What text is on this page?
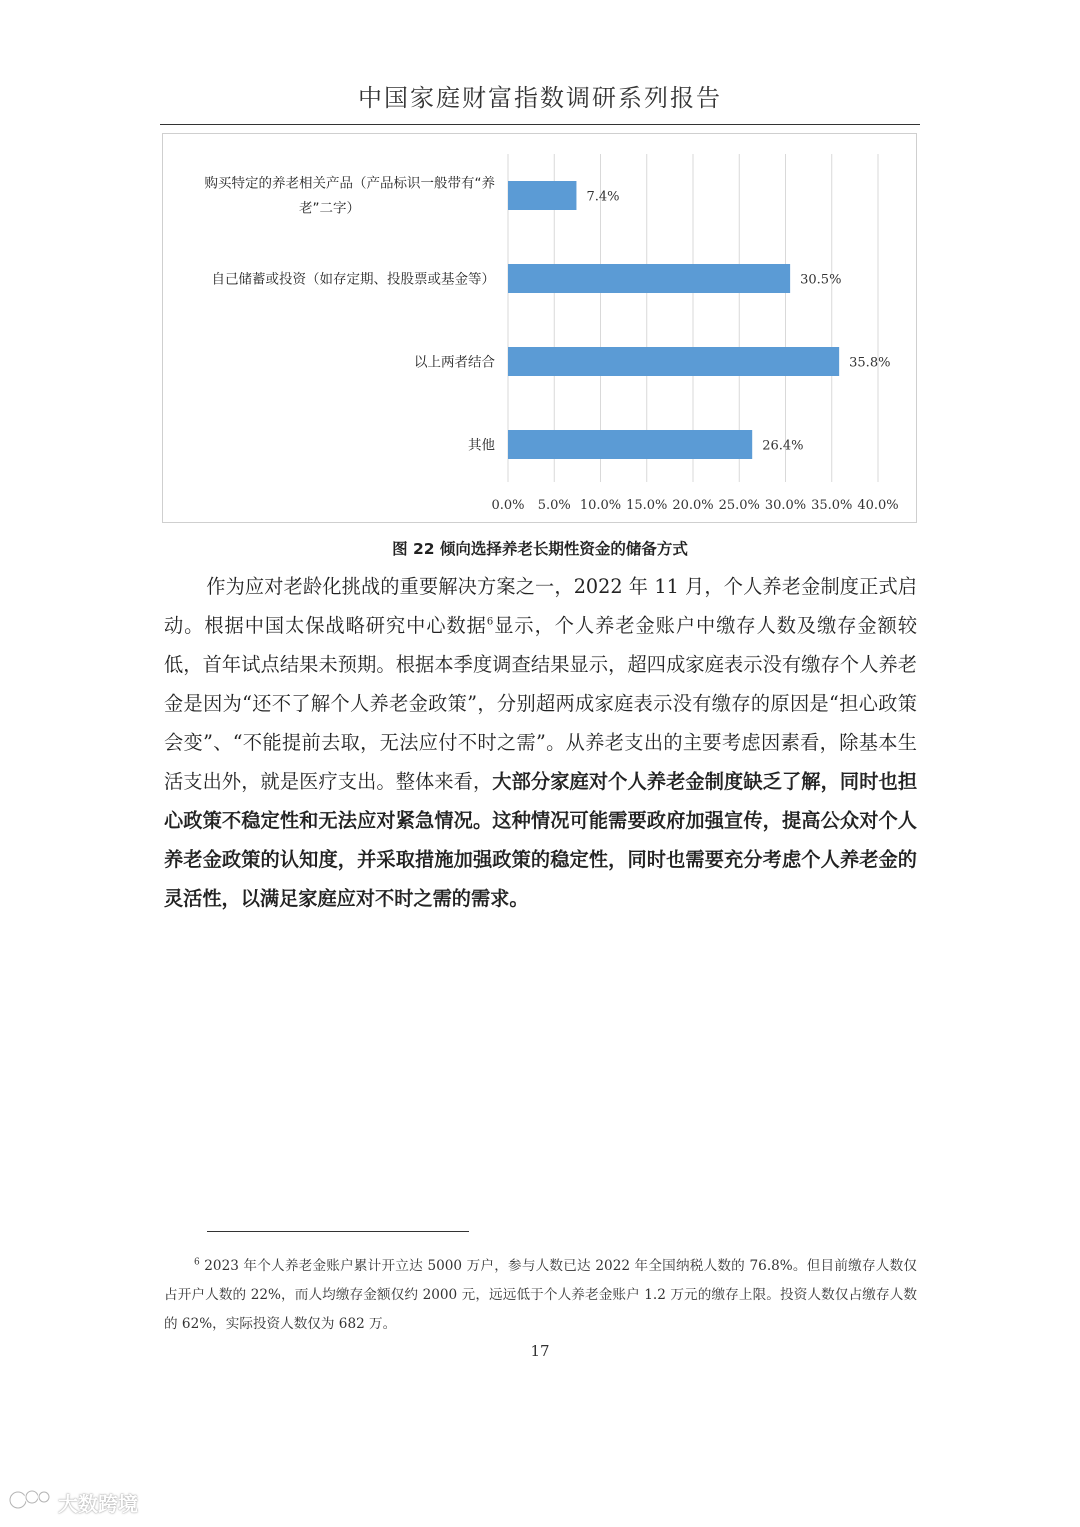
中国家庭财富指数调研系列报告
0.0% 5.0% 10.0% 15.0% 20.0% 25.0% 30.0% 35.0% 40.0%
7.4%
购买特定的养老相关产品（产品标识一般带有“养
老”二字）
30.5%
自己储蓄或投资（如存定期、投股票或基金等）
35.8%
以上两者结合
26.4%
其他
图 22 倾向选择养老长期性资金的储备方式

作为应对老龄化挑战的重要解决方案之一，2022 年 11 月，个人养老金制度正式启动。根据中国太保战略研究中心数据$^6$显示，个人养老金账户中缴存人数及缴存金额较低，首年试点结果未预期。根据本季度调查结果显示，超四成家庭表示没有缴存个人养老金是因为“还不了解个人养老金政策”，分别超两成家庭表示没有缴存的原因是“担心政策会变”、“不能提前去取，无法应付不时之需”。从养老支出的主要考虑因素看，除基本生活支出外，就是医疗支出。整体来看，大部分家庭对个人养老金制度缺乏了解，同时也担心政策不稳定性和无法应对紧急情况。这种情况可能需要政府加强宣传，提高公众对个人养老金政策的认知度，并采取措施加强政策的稳定性，同时也需要充分考虑个人养老金的灵活性，以满足家庭应对不时之需的需求。

$^6$ 2023 年个人养老金账户累计开立达 5000 万户，参与人数已达 2022 年全国纳税人数的 76.8%。但目前缴存人数仅占开户人数的 22%，而人均缴存金额仅约 2000 元，远远低于个人养老金账户 1.2 万元的缴存上限。投资人数仅占缴存人数的 62%，实际投资人数仅为 682 万。

17
大数跨境
